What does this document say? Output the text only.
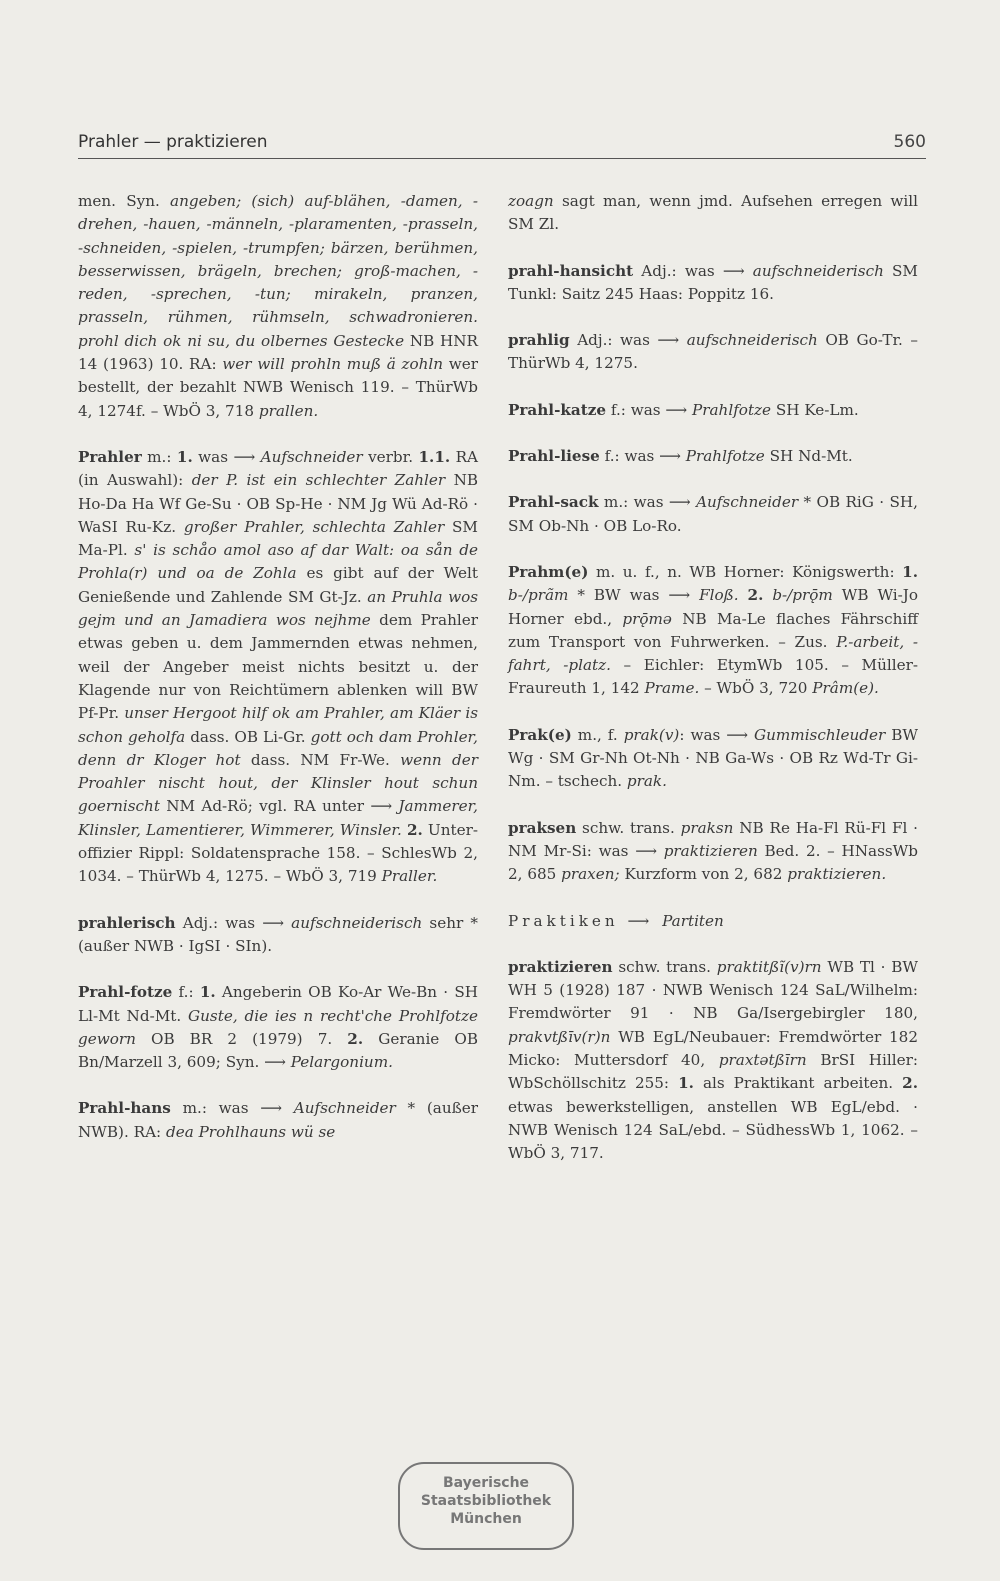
Prahler — praktizieren	560

men. Syn. angeben; (sich) auf-blähen, -damen, -drehen, -hauen, -männeln, -plaramenten, -prasseln, -schneiden, -spielen, -trumpfen; bärzen, berühmen, besserwissen, brägeln, brechen; groß-machen, -reden, -sprechen, -tun; mirakeln, pranzen, prasseln, rühmen, rühmseln, schwadronieren. prohl dich ok ni su, du olbernes Gestecke NB HNR 14 (1963) 10. RA: wer will prohln muß ä zohln wer bestellt, der bezahlt NWB Wenisch 119. – ThürWb 4, 1274f. – WbÖ 3, 718 prallen.

Prahler m.: 1. was ⟶ Aufschneider verbr. 1.1. RA (in Auswahl): der P. ist ein schlechter Zahler NB Ho-Da Ha Wf Ge-Su · OB Sp-He · NM Jg Wü Ad-Rö · WaSI Ru-Kz. großer Prahler, schlechta Zahler SM Ma-Pl. s' is schåo amol aso af dar Walt: oa sån de Prohla(r) und oa de Zohla es gibt auf der Welt Genießende und Zahlende SM Gt-Jz. an Pruhla wos gejm und an Jamadiera wos nejhme dem Prahler etwas geben u. dem Jammernden etwas nehmen, weil der Angeber meist nichts besitzt u. der Klagende nur von Reichtümern ablenken will BW Pf-Pr. unser Hergoot hilf ok am Prahler, am Kläer is schon geholfa dass. OB Li-Gr. gott och dam Prohler, denn dr Kloger hot dass. NM Fr-We. wenn der Proahler nischt hout, der Klinsler hout schun goernischt NM Ad-Rö; vgl. RA unter ⟶ Jammerer, Klinsler, Lamentierer, Wimmerer, Winsler. 2. Unteroffizier Rippl: Soldatensprache 158. – SchlesWb 2, 1034. – ThürWb 4, 1275. – WbÖ 3, 719 Praller.

prahlerisch Adj.: was ⟶ aufschneiderisch sehr * (außer NWB · IgSI · SIn).

Prahl-fotze f.: 1. Angeberin OB Ko-Ar We-Bn · SH Ll-Mt Nd-Mt. Guste, die ies n recht'che Prohlfotze geworn OB BR 2 (1979) 7. 2. Geranie OB Bn/Marzell 3, 609; Syn. ⟶ Pelargonium.

Prahl-hans m.: was ⟶ Aufschneider * (außer NWB). RA: dea Prohlhauns wü se

zoagn sagt man, wenn jmd. Aufsehen erregen will SM Zl.

prahl-hansicht Adj.: was ⟶ aufschneiderisch SM Tunkl: Saitz 245 Haas: Poppitz 16.

prahlig Adj.: was ⟶ aufschneiderisch OB Go-Tr. – ThürWb 4, 1275.

Prahl-katze f.: was ⟶ Prahlfotze SH Ke-Lm.

Prahl-liese f.: was ⟶ Prahlfotze SH Nd-Mt.

Prahl-sack m.: was ⟶ Aufschneider * OB RiG · SH, SM Ob-Nh · OB Lo-Ro.

Prahm(e) m. u. f., n. WB Horner: Königswerth: 1. b-/prãm * BW was ⟶ Floß. 2. b-/prǭm WB Wi-Jo Horner ebd., prǭmə NB Ma-Le flaches Fährschiff zum Transport von Fuhrwerken. – Zus. P.-arbeit, -fahrt, -platz. – Eichler: EtymWb 105. – Müller-Fraureuth 1, 142 Prame. – WbÖ 3, 720 Prâm(e).

Prak(e) m., f. prak(v): was ⟶ Gummischleuder BW Wg · SM Gr-Nh Ot-Nh · NB Ga-Ws · OB Rz Wd-Tr Gi-Nm. – tschech. prak.

praksen schw. trans. praksn NB Re Ha-Fl Rü-Fl Fl · NM Mr-Si: was ⟶ praktizieren Bed. 2. – HNassWb 2, 685 praxen; Kurzform von 2, 682 praktizieren.

Praktiken ⟶ Partiten

praktizieren schw. trans. praktitßĩ(v)rn WB Tl · BW WH 5 (1928) 187 · NWB Wenisch 124 SaL/Wilhelm: Fremdwörter 91 · NB Ga/Isergebirgler 180, prakvtßīv(r)n WB EgL/Neubauer: Fremdwörter 182 Micko: Muttersdorf 40, praxtətßīrn BrSI Hiller: WbSchöllschitz 255: 1. als Praktikant arbeiten. 2. etwas bewerkstelligen, anstellen WB EgL/ebd. · NWB Wenisch 124 SaL/ebd. – SüdhessWb 1, 1062. – WbÖ 3, 717.

Bayerische
Staatsbibliothek
München
